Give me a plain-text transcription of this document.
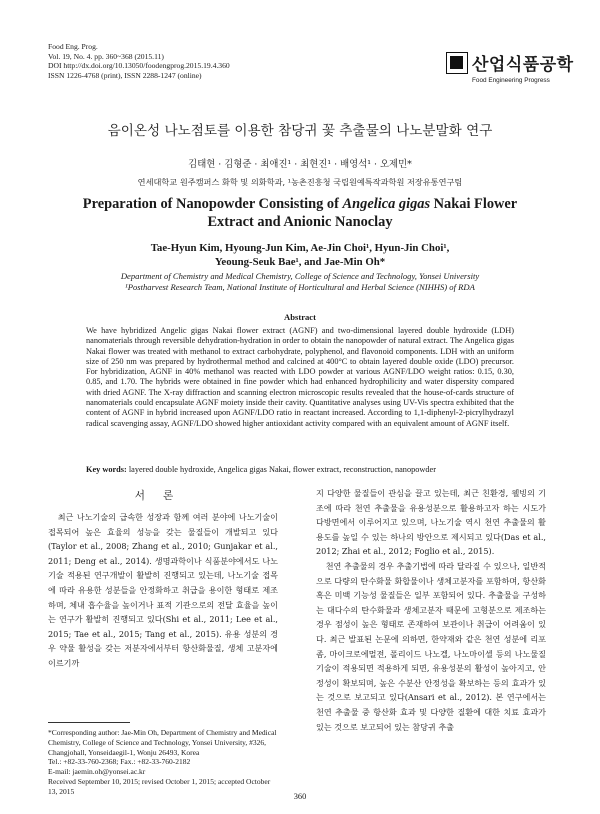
Food Eng. Prog.
Vol. 19, No. 4. pp. 360~368 (2015.11)
DOI http://dx.doi.org/10.13050/foodengprog.2015.19.4.360
ISSN 1226-4768 (print), ISSN 2288-1247 (online)
산업식품공학
Food Engineering Progress
음이온성 나노점토를 이용한 참당귀 꽃 추출물의 나노분말화 연구
김태현 · 김형준 · 최애진¹ · 최현진¹ · 배영석¹ · 오제민*
연세대학교 원주캠퍼스 화학 및 의화학과, ¹농촌진흥청 국립원예특작과학원 저장유통연구팀
Preparation of Nanopowder Consisting of Angelica gigas Nakai Flower Extract and Anionic Nanoclay
Tae-Hyun Kim, Hyoung-Jun Kim, Ae-Jin Choi¹, Hyun-Jin Choi¹,
Yeoung-Seuk Bae¹, and Jae-Min Oh*
Department of Chemistry and Medical Chemistry, College of Science and Technology, Yonsei University
¹Postharvest Research Team, National Institute of Horticultural and Herbal Science (NIHHS) of RDA
Abstract
We have hybridized Angelic gigas Nakai flower extract (AGNF) and two-dimensional layered double hydroxide (LDH) nanomaterials through reversible dehydration-hydration in order to obtain the nanopowder of natural extract. The Angelica gigas Nakai flower was treated with methanol to extract carbohydrate, polyphenol, and flavonoid components. LDH with an uniform size of 250 nm was prepared by hydrothermal method and calcined at 400°C to obtain layered double oxide (LDO) precursor. For hybridization, AGNF in 40% methanol was reacted with LDO powder at various AGNF/LDO weight ratios: 0.15, 0.30, 0.85, and 1.70. The hybrids were obtained in fine powder which had enhanced hydrophilicity and water dispersity compared with dried AGNF. The X-ray diffraction and scanning electron microscopic results revealed that the house-of-cards structure of nanomaterials could encapsulate AGNF moiety inside their cavity. Quantitative analyses using UV-Vis spectra exhibited that the content of AGNF in hybrid increased upon AGNF/LDO ratio in reactant increased. According to 1,1-diphenyl-2-picrylhydrazyl radical scavenging assay, AGNF/LDO showed higher antioxidant activity compared with an equivalent amount of AGNF itself.
Key words: layered double hydroxide, Angelica gigas Nakai, flower extract, reconstruction, nanopowder
서론

최근 나노기술의 급속한 성장과 함께 여러 분야에 나노기술이 접목되어 높은 효율의 성능을 갖는 물질들이 개발되고 있다(Taylor et al., 2008; Zhang et al., 2010; Gunjakar et al., 2011; Deng et al., 2014). 생명과학이나 식품분야에서도 나노기술 적용된 연구개발이 활발히 진행되고 있는데, 나노기술 접목에 따라 유용한 성분들을 안정화하고 취급을 용이한 형태로 제조하며, 체내 흡수율을 높이거나 표적 기관으로의 전달 효율을 높이는 연구가 활발히 진행되고 있다(Shi et al., 2011; Lee et al., 2015; Tae et al., 2015; Tang et al., 2015). 유용 성분의 경우 약물 활성을 갖는 저분자에서부터 항산화물질, 생체 고분자에 이르기까

지 다양한 물질들이 관심을 끌고 있는데, 최근 친환경, 웰빙의 기조에 따라 천연 추출물을 유용성분으로 활용하고자 하는 시도가 다방면에서 이루어지고 있으며, 나노기술 역시 천연 추출물의 활용도를 높일 수 있는 하나의 방안으로 제시되고 있다(Das et al., 2012; Zhai et al., 2012; Foglio et al., 2015).

천연 추출물의 경우 추출기법에 따라 달라질 수 있으나, 일반적으로 다량의 탄수화물 화합물이나 생체고분자를 포함하며, 항산화 혹은 미백 기능성 물질들은 일부 포함되어 있다. 추출물을 구성하는 대다수의 탄수화물과 생체고분자 때문에 고형분으로 제조하는 경우 점성이 높은 형태로 존재하여 보관이나 취급이 어려움이 있다. 최근 발표된 논문에 의하면, 한약재와 같은 천연 성분에 리포좀, 마이크로에멀전, 폴리이드 나노겔, 나노마이셀 등의 나노물질 기술이 적용되면 적용하게 되면, 유용성분의 활성이 높아지고, 안정성이 확보되며, 높은 수분산 안정성을 확보하는 등의 효과가 있는 것으로 보고되고 있다(Ansari et al., 2012). 본 연구에서는 천연 추출물 중 항산화 효과 및 다양한 질환에 대한 치료 효과가 있는 것으로 보고되어 있는 참당귀 추출

*Corresponding author: Jae-Min Oh, Department of Chemistry and Medical Chemistry, College of Science and Technology, Yonsei University, #326, Changjohall, Yonseidaegil-1, Wonju 26493, Korea
Tel.: +82-33-760-2368; Fax.: +82-33-760-2182
E-mail: jaemin.oh@yonsei.ac.kr
Received September 10, 2015; revised October 1, 2015; accepted October 13, 2015
360
